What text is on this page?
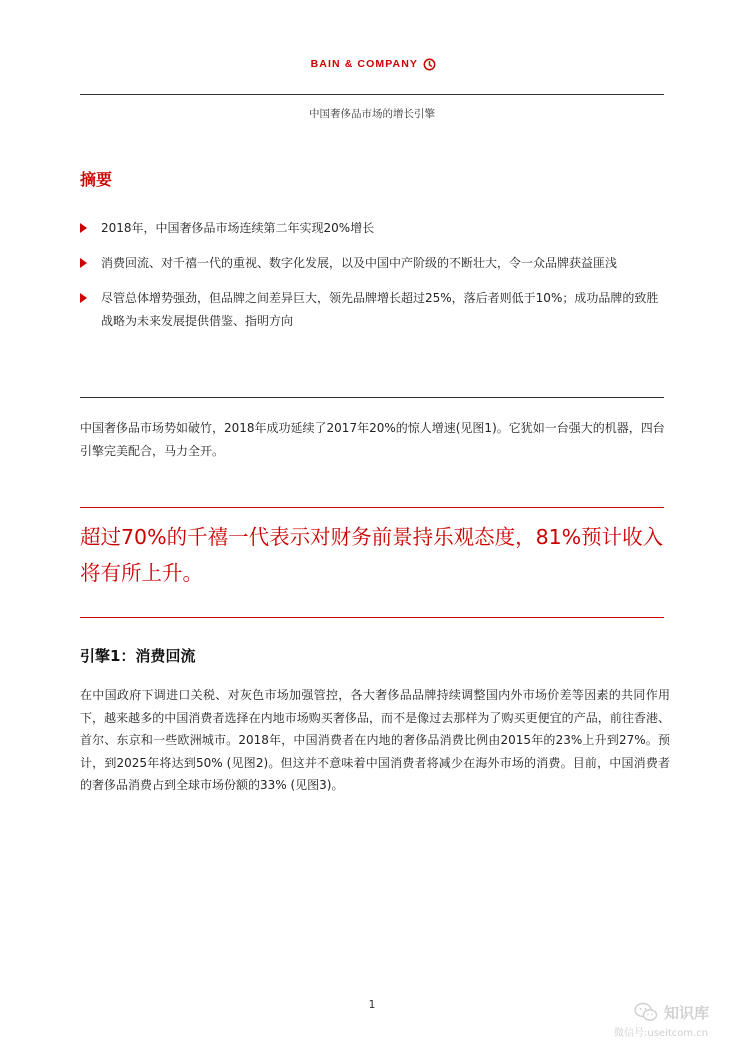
BAIN & COMPANY
中国奢侈品市场的增长引擎
摘要
2018年，中国奢侈品市场连续第二年实现20%增长
消费回流、对千禧一代的重视、数字化发展，以及中国中产阶级的不断壮大，令一众品牌获益匪浅
尽管总体增势强劲，但品牌之间差异巨大，领先品牌增长超过25%，落后者则低于10%；成功品牌的致胜战略为未来发展提供借鉴、指明方向
中国奢侈品市场势如破竹，2018年成功延续了2017年20%的惊人增速(见图1)。它犹如一台强大的机器，四台引擎完美配合，马力全开。
超过70%的千禧一代表示对财务前景持乐观态度，81%预计收入将有所上升。
引擎1：消费回流
在中国政府下调进口关税、对灰色市场加强管控，各大奢侈品品牌持续调整国内外市场价差等因素的共同作用下，越来越多的中国消费者选择在内地市场购买奢侈品，而不是像过去那样为了购买更便宜的产品，前往香港、首尔、东京和一些欧洲城市。2018年，中国消费者在内地的奢侈品消费比例由2015年的23%上升到27%。预计，到2025年将达到50% (见图2)。但这并不意味着中国消费者将减少在海外市场的消费。目前，中国消费者的奢侈品消费占到全球市场份额的33% (见图3)。
1	知识库
微信号:useitcom.cn
